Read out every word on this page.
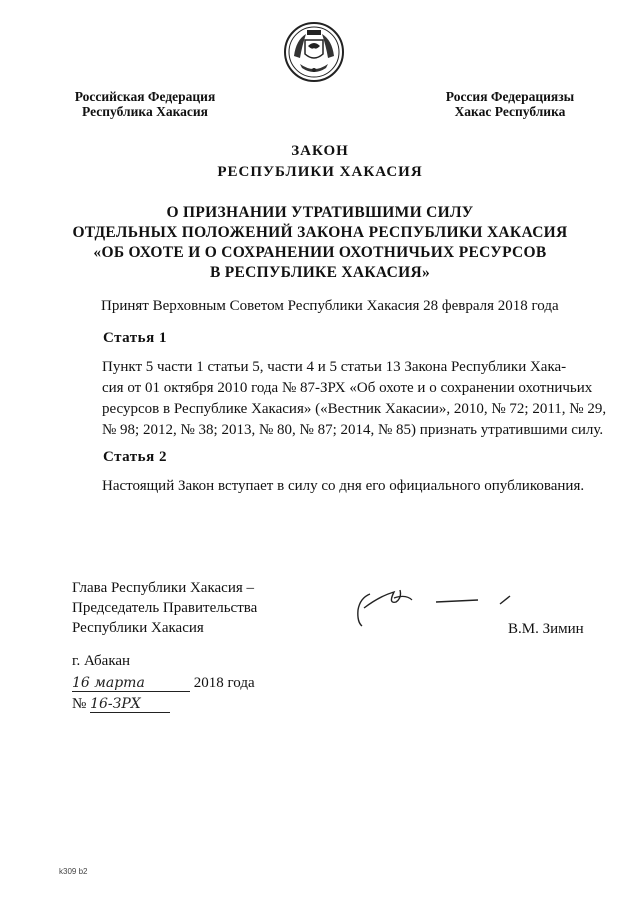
Российская Федерация
Республика Хакасия
Россия Федерациязы
Хакас Республика
ЗАКОН
РЕСПУБЛИКИ ХАКАСИЯ
О ПРИЗНАНИИ УТРАТИВШИМИ СИЛУ
ОТДЕЛЬНЫХ ПОЛОЖЕНИЙ ЗАКОНА РЕСПУБЛИКИ ХАКАСИЯ
«ОБ ОХОТЕ И О СОХРАНЕНИИ ОХОТНИЧЬИХ РЕСУРСОВ
В РЕСПУБЛИКЕ ХАКАСИЯ»
Принят Верховным Советом Республики Хакасия 28 февраля 2018 года
Статья 1
Пункт 5 части 1 статьи 5, части 4 и 5 статьи 13 Закона Республики Хака-
сия от 01 октября 2010 года № 87-ЗРХ «Об охоте и о сохранении охотничьих
ресурсов в Республике Хакасия» («Вестник Хакасии», 2010, № 72; 2011, № 29,
№ 98; 2012, № 38; 2013, № 80, № 87; 2014, № 85) признать утратившими силу.
Статья 2
Настоящий Закон вступает в силу со дня его официального опубликования.
Глава Республики Хакасия –
Председатель Правительства
Республики Хакасия	В.М. Зимин
г. Абакан
16 марта	2018 года
№ 16-ЗРХ
k309 b2
